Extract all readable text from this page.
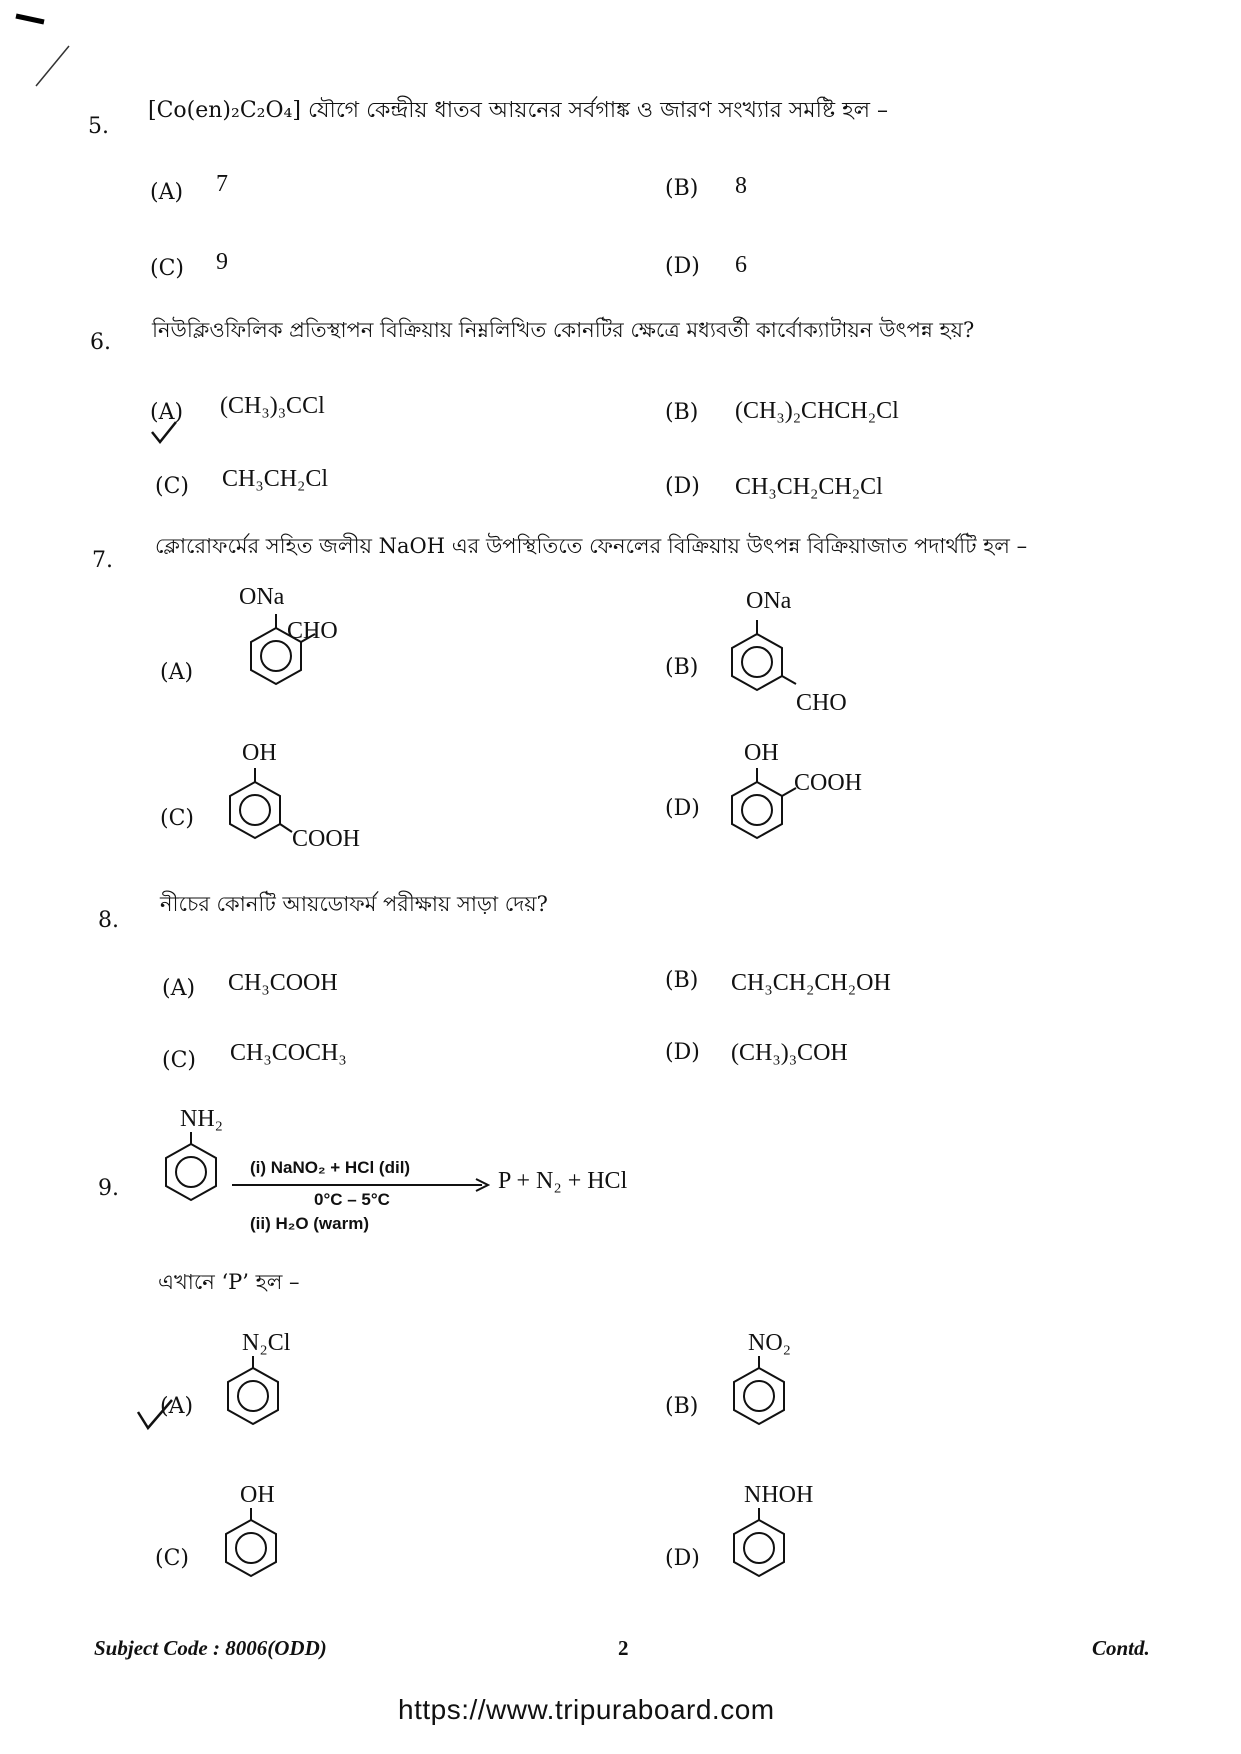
5.
[Co(en)₂C₂O₄] যৌগে কেন্দ্রীয় ধাতব আয়নের সর্বগাঙ্ক ও জারণ সংখ্যার সমষ্টি হল –
(A) 7	(B) 8
(C) 9	(D) 6
6. নিউক্লিওফিলিক প্রতিস্থাপন বিক্রিয়ায় নিম্নলিখিত কোনটির ক্ষেত্রে মধ্যবর্তী কার্বোক্যাটায়ন উৎপন্ন হয়?
(A) (CH₃)₃CCl	(B) (CH₃)₂CHCH₂Cl
(C) CH₃CH₂Cl	(D) CH₃CH₂CH₂Cl
7.
ক্লোরোফর্মের সহিত জলীয় NaOH এর উপস্থিতিতে ফেনলের বিক্রিয়ায় উৎপন্ন বিক্রিয়াজাত পদার্থটি হল –
(A)
ONa
CHO
(B)
ONa
CHO
(C)
OH
COOH
(D)
OH
COOH
8.
নীচের কোনটি আয়ডোফর্ম পরীক্ষায় সাড়া দেয়?
(A) CH₃COOH	(B) CH₃CH₂CH₂OH
(C) CH₃COCH₃	(D) (CH₃)₃COH
9.
NH₂
(i) NaNO₂ + HCl (dil)
0°C – 5°C
(ii) H₂O (warm)
P + N₂ + HCl
এখানে ‘P’ হল –
(A)
N₂Cl
(B)
NO₂
(C)
OH
(D)
NHOH
Subject Code : 8006(ODD)	2	Contd.
https://www.tripuraboard.com
